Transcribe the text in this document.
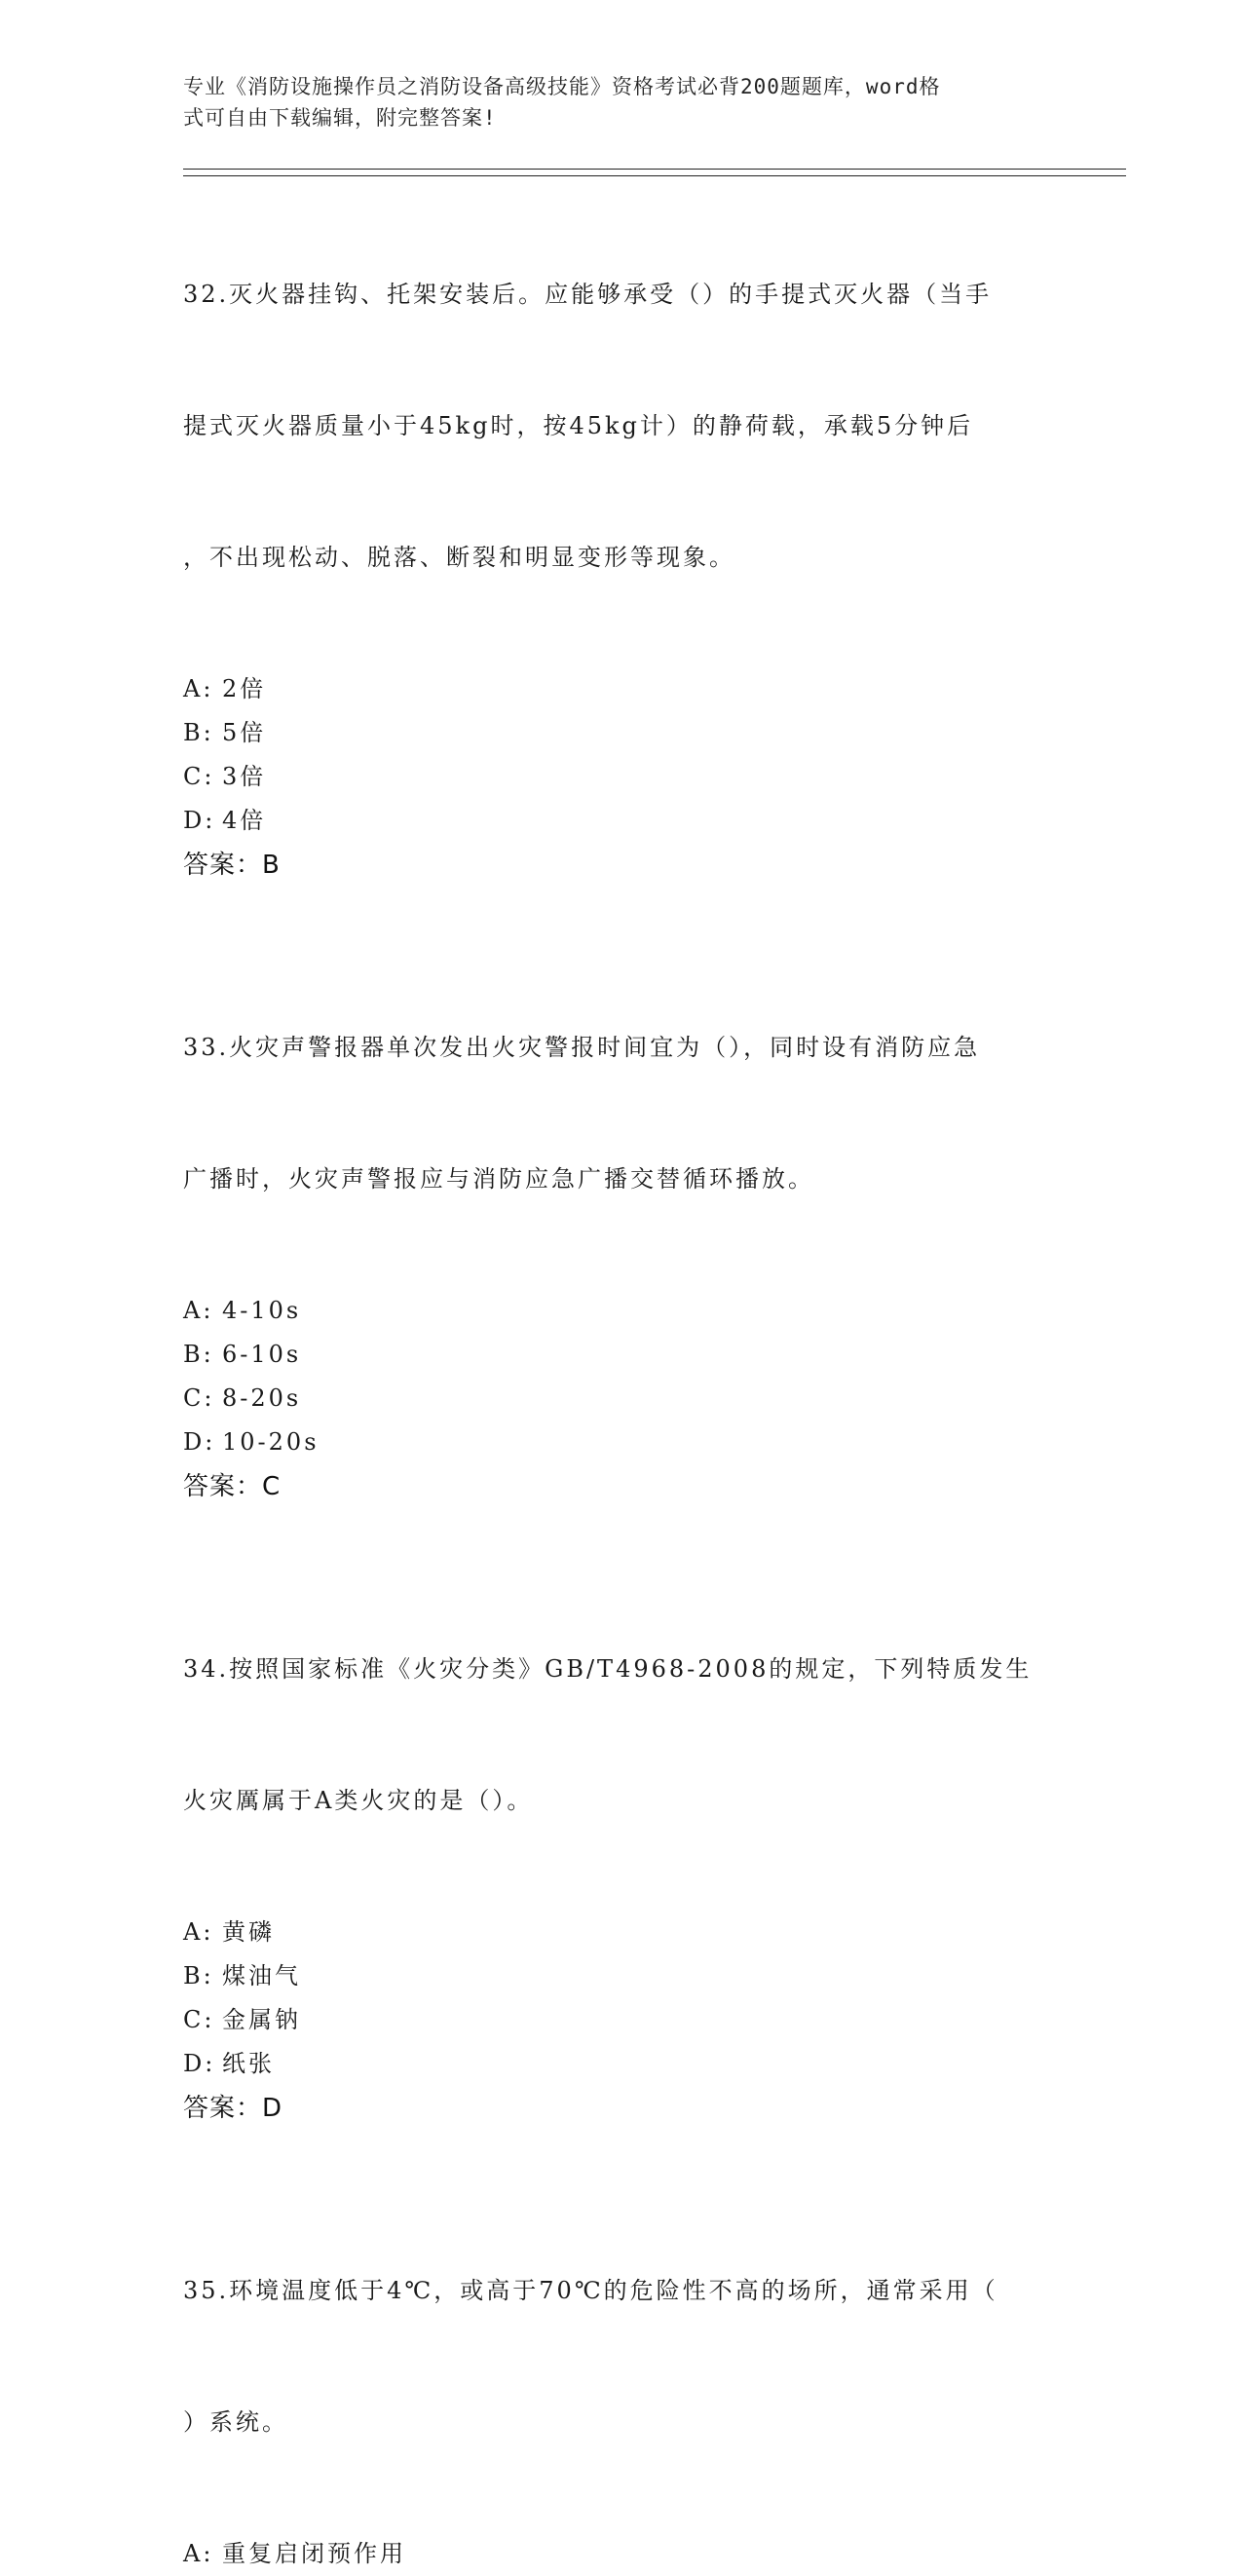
专业《消防设施操作员之消防设备高级技能》资格考试必背200题题库，word格
式可自由下载编辑，附完整答案!

32.灭火器挂钩、托架安装后。应能够承受（）的手提式灭火器（当手

提式灭火器质量小于45kg时，按45kg计）的静荷载，承载5分钟后

，不出现松动、脱落、断裂和明显变形等现象。

A: 2倍
B: 5倍
C: 3倍
D: 4倍
答案：B

33.火灾声警报器单次发出火灾警报时间宜为（），同时设有消防应急

广播时，火灾声警报应与消防应急广播交替循环播放。

A: 4-10s
B: 6-10s
C: 8-20s
D: 10-20s
答案：C

34.按照国家标准《火灾分类》GB/T4968-2008的规定，下列特质发生

火灾厲属于A类火灾的是（）。

A: 黄磷
B: 煤油气
C: 金属钠
D: 纸张
答案：D

35.环境温度低于4℃，或高于70℃的危险性不高的场所，通常采用（

）系统。

A: 重复启闭预作用
